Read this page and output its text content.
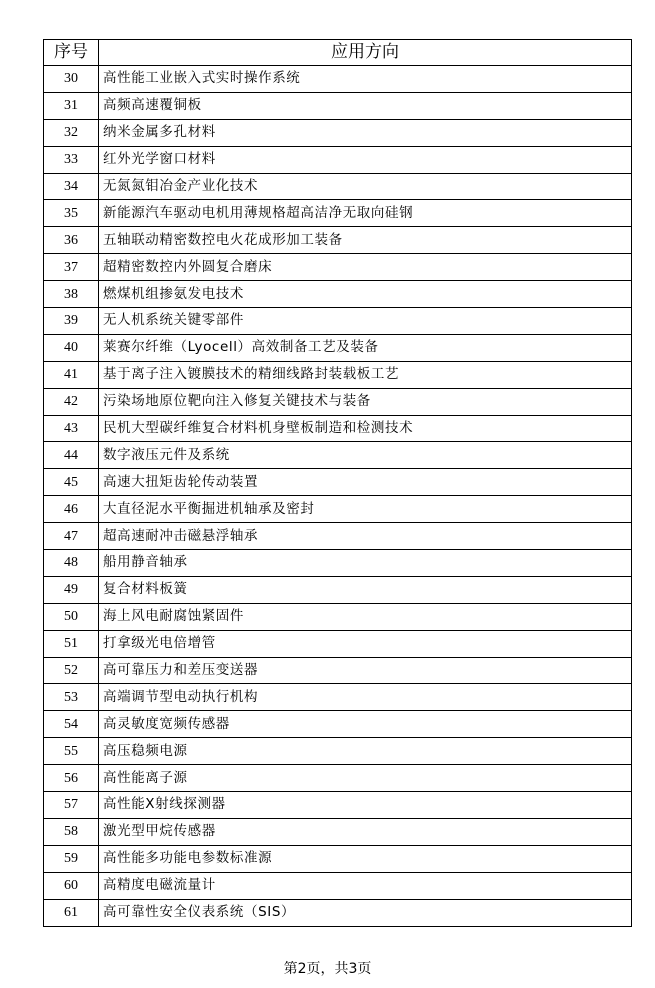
序号	应用方向
30	高性能工业嵌入式实时操作系统
31	高频高速覆铜板
32	纳米金属多孔材料
33	红外光学窗口材料
34	无氮氮钼冶金产业化技术
35	新能源汽车驱动电机用薄规格超高洁净无取向硅钢
36	五轴联动精密数控电火花成形加工装备
37	超精密数控内外圆复合磨床
38	燃煤机组掺氨发电技术
39	无人机系统关键零部件
40	莱赛尔纤维（Lyocell）高效制备工艺及装备
41	基于离子注入镀膜技术的精细线路封装载板工艺
42	污染场地原位靶向注入修复关键技术与装备
43	民机大型碳纤维复合材料机身壁板制造和检测技术
44	数字液压元件及系统
45	高速大扭矩齿轮传动装置
46	大直径泥水平衡掘进机轴承及密封
47	超高速耐冲击磁悬浮轴承
48	船用静音轴承
49	复合材料板簧
50	海上风电耐腐蚀紧固件
51	打拿级光电倍增管
52	高可靠压力和差压变送器
53	高端调节型电动执行机构
54	高灵敏度宽频传感器
55	高压稳频电源
56	高性能离子源
57	高性能X射线探测器
58	激光型甲烷传感器
59	高性能多功能电参数标准源
60	高精度电磁流量计
61	高可靠性安全仪表系统（SIS）
第2页，共3页
